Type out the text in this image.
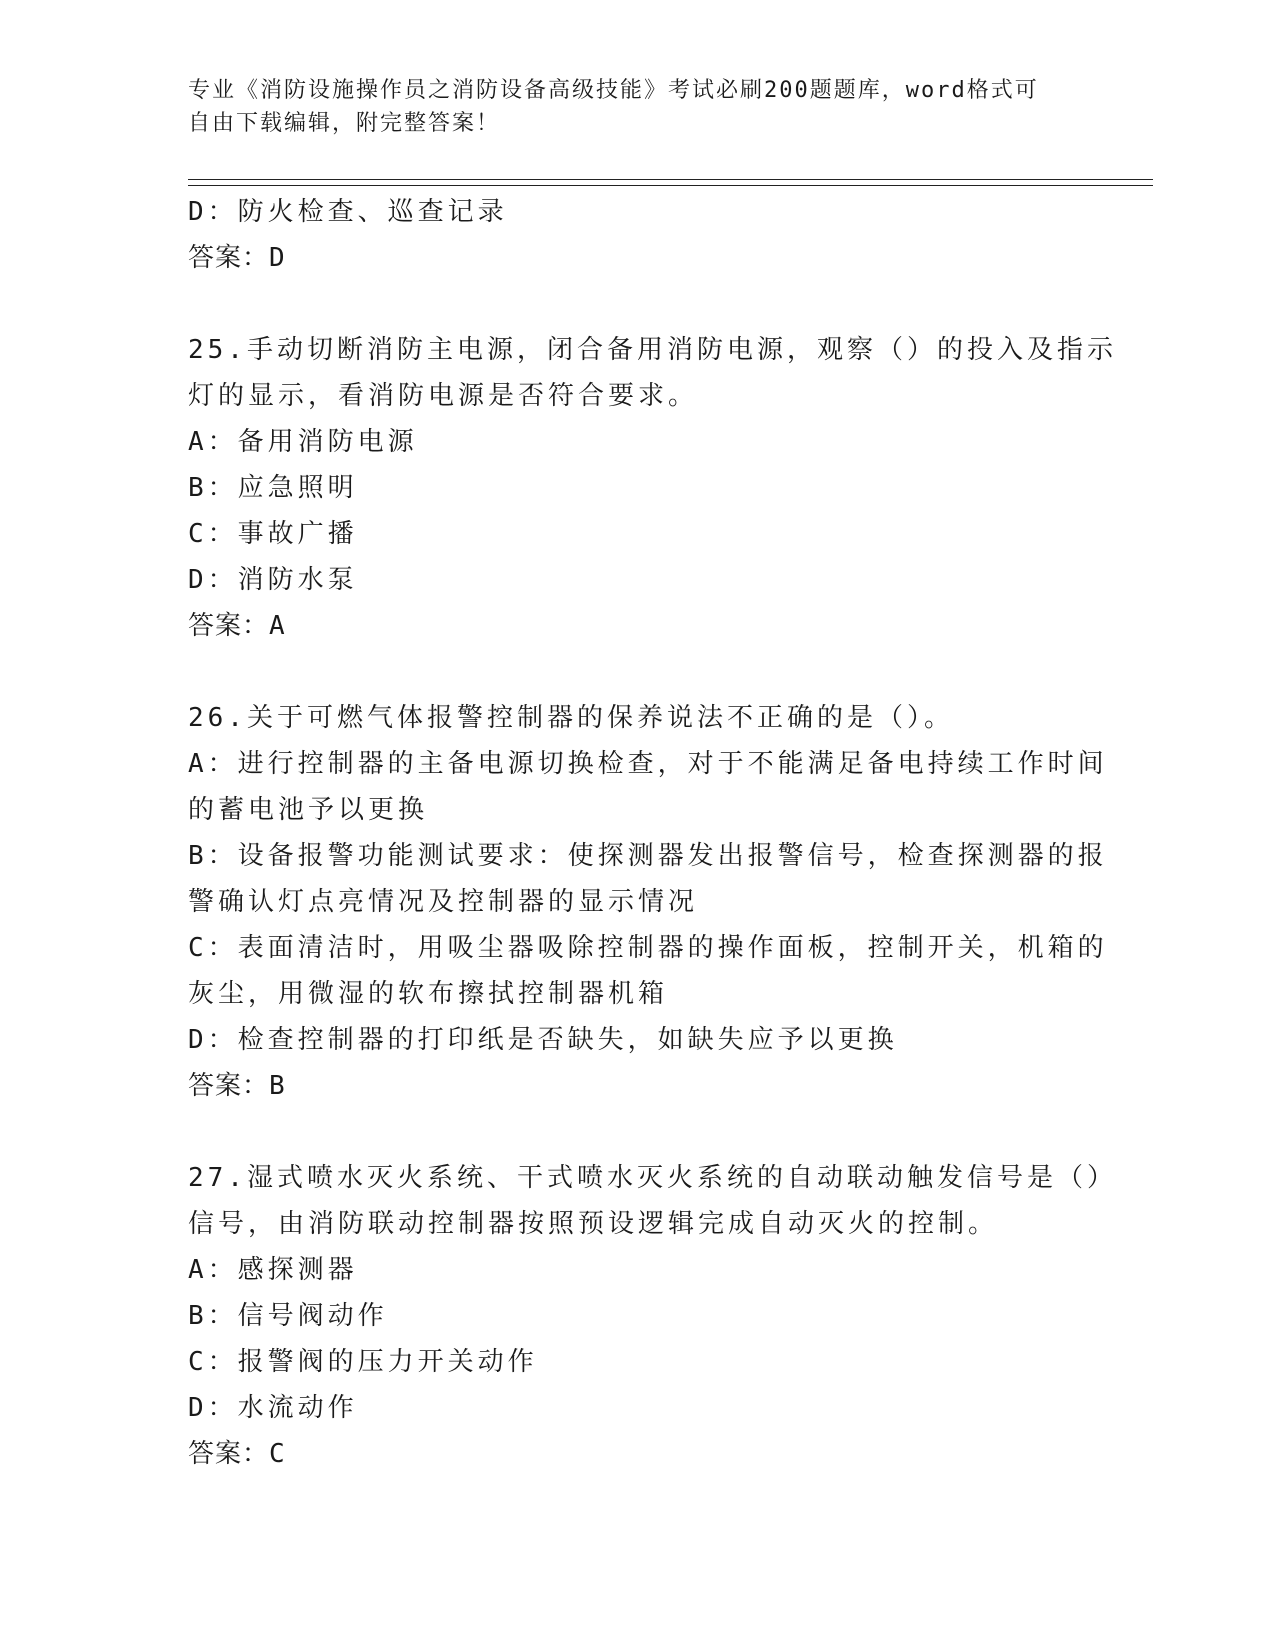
专业《消防设施操作员之消防设备高级技能》考试必刷200题题库，word格式可
自由下载编辑，附完整答案！
D：防火检查、巡查记录
答案：D
25.手动切断消防主电源，闭合备用消防电源，观察（）的投入及指示
灯的显示，看消防电源是否符合要求。
A：备用消防电源
B：应急照明
C：事故广播
D：消防水泵
答案：A
26.关于可燃气体报警控制器的保养说法不正确的是（）。
A：进行控制器的主备电源切换检查，对于不能满足备电持续工作时间
的蓄电池予以更换
B：设备报警功能测试要求：使探测器发出报警信号，检查探测器的报
警确认灯点亮情况及控制器的显示情况
C：表面清洁时，用吸尘器吸除控制器的操作面板，控制开关，机箱的
灰尘，用微湿的软布擦拭控制器机箱
D：检查控制器的打印纸是否缺失，如缺失应予以更换
答案：B
27.湿式喷水灭火系统、干式喷水灭火系统的自动联动触发信号是（）
信号，由消防联动控制器按照预设逻辑完成自动灭火的控制。
A：感探测器
B：信号阀动作
C：报警阀的压力开关动作
D：水流动作
答案：C
